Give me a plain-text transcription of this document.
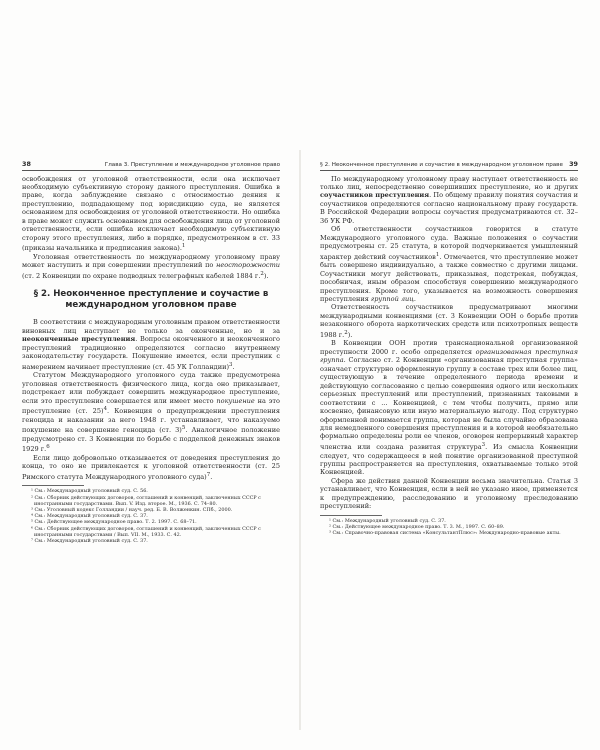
38	Глава 3. Преступление и международное уголовное право

освобождения от уголовной ответственности, если она исключает необходимую субъективную сторону данного преступления. Ошибка в праве, когда заблуждение связано с относимостью деяния к преступлению, подпадающему под юрисдикцию суда, не является основанием для освобождения от уголовной ответственности. Но ошибка в праве может служить основанием для освобождения лица от уголовной ответственности, если ошибка исключает необходимую субъективную сторону этого преступления, либо в порядке, предусмотренном в ст. 33 (приказы начальника и предписания закона).$^1$

Уголовная ответственность по международному уголовному праву может наступить и при совершении преступлений по неосторожности (ст. 2 Конвенции по охране подводных телеграфных кабелей 1884 г.$^2$).

§ 2. Неоконченное преступление и соучастие в международном уголовном праве

В соответствии с международным уголовным правом ответственности виновных лиц наступает не только за оконченные, но и за неоконченные преступления. Вопросы оконченного и неоконченного преступлений традиционно определяются согласно внутреннему законодательству государств. Покушение имеется, если преступник с намерением начинает преступление (ст. 45 УК Голландии)$^3$.

Статутом Международного уголовного суда также предусмотрена уголовная ответственность физического лица, когда оно приказывает, подстрекает или побуждает совершить международное преступление, если это преступление совершается или имеет место покушение на это преступление (ст. 25)$^4$. Конвенция о предупреждении преступления геноцида и наказании за него 1948 г. устанавливает, что наказуемо покушение на совершение геноцида (ст. 3)$^5$. Аналогичное положение предусмотрено ст. 3 Конвенции по борьбе с подделкой денежных знаков 1929 г.$^6$

Если лицо добровольно отказывается от доведения преступления до конца, то оно не привлекается к уголовной ответственности (ст. 25 Римского статута Международного уголовного суда)$^7$.

¹ См.: Международный уголовный суд. С. 56.

² См.: Сборник действующих договоров, соглашений и конвенций, заключенных СССР с иностранными государствами. Вып. V. Изд. второе. М., 1936. С. 74–80.

³ См.: Уголовный кодекс Голландии / науч. ред. Б. В. Волженкин. СПб., 2000.

⁴ См.: Международный уголовный суд. С. 37.

⁵ См.: Действующее международное право. Т. 2. 1997. С. 68–71.

⁶ См.: Сборник действующих договоров, соглашений и конвенций, заключенных СССР с иностранными государствами / Вып. VII. М., 1933. С. 42.

⁷ См.: Международный уголовный суд. С. 37.

§ 2. Неоконченное преступление и соучастие в международном уголовном праве 39

По международному уголовному праву наступает ответственность не только лиц, непосредственно совершивших преступление, но и других соучастников преступления. По общему правилу понятия соучастия и соучастников определяются согласно национальному праву государств. В Российской Федерации вопросы соучастия предусматриваются ст. 32–36 УК РФ.

Об ответственности соучастников говорится в статуте Международного уголовного суда. Важные положения о соучастии предусмотрены ст. 25 статута, в которой подчеркивается умышленный характер действий соучастников$^1$. Отмечается, что преступление может быть совершено индивидуально, а также совместно с другими лицами. Соучастники могут действовать, приказывая, подстрекая, побуждая, пособничая, иным образом способствуя совершению международного преступления. Кроме того, указывается на возможность совершения преступления группой лиц.

Ответственность соучастников предусматривают многими международными конвенциями (ст. 3 Конвенции ООН о борьбе против незаконного оборота наркотических средств или психотропных веществ 1988 г.$^2$).

В Конвенции ООН против транснациональной организованной преступности 2000 г. особо определяется организованная преступная группа. Согласно ст. 2 Конвенции «организованная преступная группа» означает структурно оформленную группу в составе трех или более лиц, существующую в течение определенного периода времени и действующую согласованно с целью совершения одного или нескольких серьезных преступлений или преступлений, признанных таковыми в соответствии с ... Конвенцией, с тем чтобы получить, прямо или косвенно, финансовую или иную материальную выгоду. Под структурно оформленной понимается группа, которая не была случайно образована для немедленного совершения преступления и в которой необязательно формально определены роли ее членов, оговорен непрерывный характер членства или создана развитая структура$^3$. Из смысла Конвенции следует, что содержащееся в ней понятие организованной преступной группы распространяется на преступления, охватываемые только этой Конвенцией.

Сфера же действия данной Конвенции весьма значительна. Статья 3 устанавливает, что Конвенция, если в ней не указано иное, применяется к предупреждению, расследованию и уголовному преследованию преступлений:

¹ См.: Международный уголовный суд. С. 37.

² См.: Действующее международное право. Т. 3. М., 1997. С. 60–89.

³ См.: Справочно-правовая система «КонсультантПлюс»: Международно-правовые акты.
